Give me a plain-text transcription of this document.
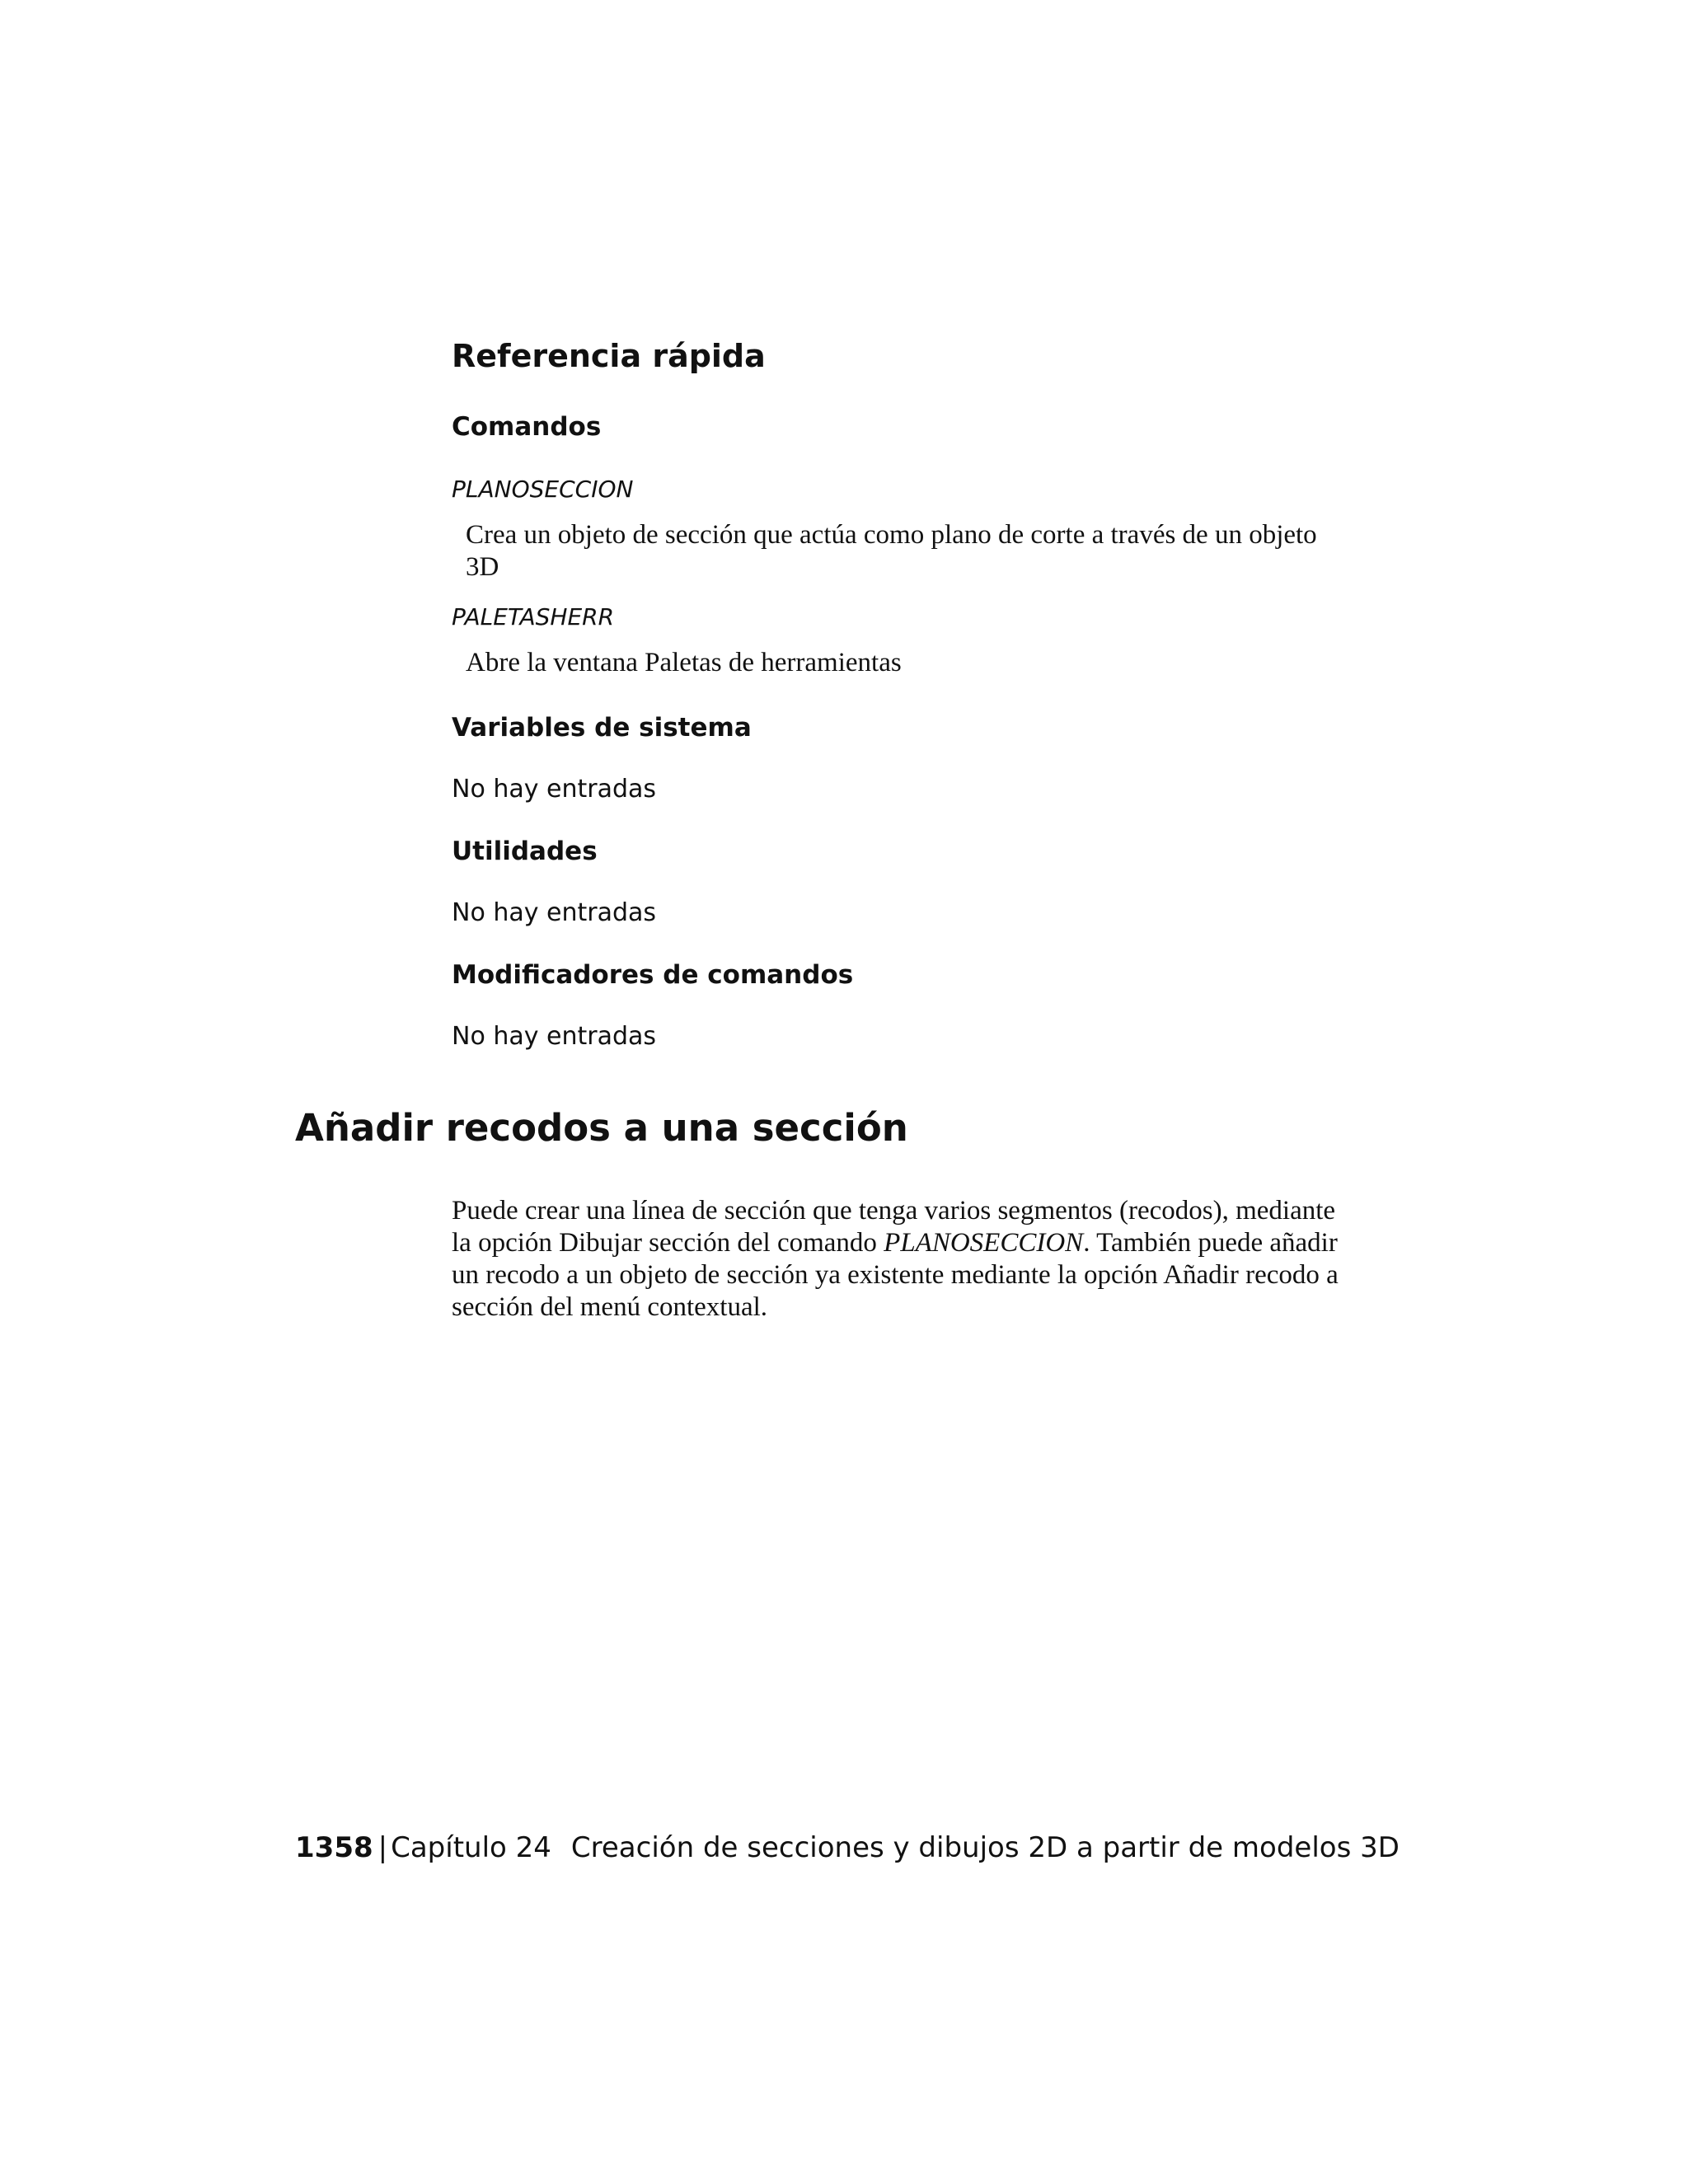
Referencia rápida
Comandos
PLANOSECCION
Crea un objeto de sección que actúa como plano de corte a través de un objeto 3D
PALETASHERR
Abre la ventana Paletas de herramientas
Variables de sistema
No hay entradas
Utilidades
No hay entradas
Modificadores de comandos
No hay entradas
Añadir recodos a una sección
Puede crear una línea de sección que tenga varios segmentos (recodos), mediante la opción Dibujar sección del comando PLANOSECCION. También puede añadir un recodo a un objeto de sección ya existente mediante la opción Añadir recodo a sección del menú contextual.
1358 | Capítulo 24 Creación de secciones y dibujos 2D a partir de modelos 3D
